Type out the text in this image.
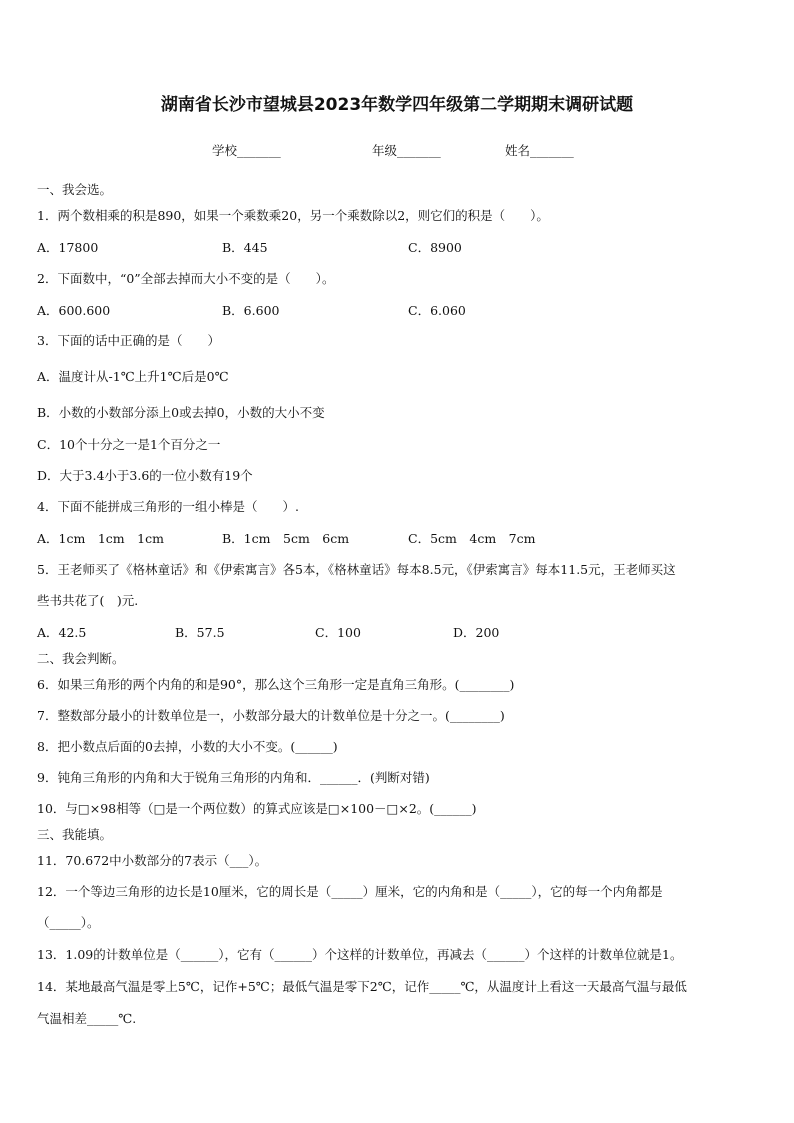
湖南省长沙市望城县2023年数学四年级第二学期期末调研试题
学校_______	年级_______	姓名_______
一、我会选。
1．两个数相乘的积是890，如果一个乘数乘20，另一个乘数除以2，则它们的积是（　　）。
A．17800	B．445	C．8900
2．下面数中，“0”全部去掉而大小不变的是（　　）。
A．600.600	B．6.600	C．6.060
3．下面的话中正确的是（　　）
A．温度计从-1℃上升1℃后是0℃
B．小数的小数部分添上0或去掉0，小数的大小不变
C．10个十分之一是1个百分之一
D．大于3.4小于3.6的一位小数有19个
4．下面不能拼成三角形的一组小棒是（　　）.
A．1cm　1cm　1cm	B．1cm　5cm　6cm	C．5cm　4cm　7cm
5．王老师买了《格林童话》和《伊索寓言》各5本，《格林童话》每本8.5元，《伊索寓言》每本11.5元，王老师买这
些书共花了(　)元.
A．42.5	B．57.5	C．100	D．200
二、我会判断。
6．如果三角形的两个内角的和是90°，那么这个三角形一定是直角三角形。(________)
7．整数部分最小的计数单位是一，小数部分最大的计数单位是十分之一。(________)
8．把小数点后面的0去掉，小数的大小不变。(______)
9．钝角三角形的内角和大于锐角三角形的内角和．______．(判断对错)
10．与□×98相等（□是一个两位数）的算式应该是□×100－□×2。(______)
三、我能填。
11．70.672中小数部分的7表示（___）。
12．一个等边三角形的边长是10厘米，它的周长是（_____）厘米，它的内角和是（_____），它的每一个内角都是
（_____）。
13．1.09的计数单位是（______），它有（______）个这样的计数单位，再减去（______）个这样的计数单位就是1。
14．某地最高气温是零上5℃，记作+5℃；最低气温是零下2℃，记作_____℃，从温度计上看这一天最高气温与最低
气温相差_____℃.
